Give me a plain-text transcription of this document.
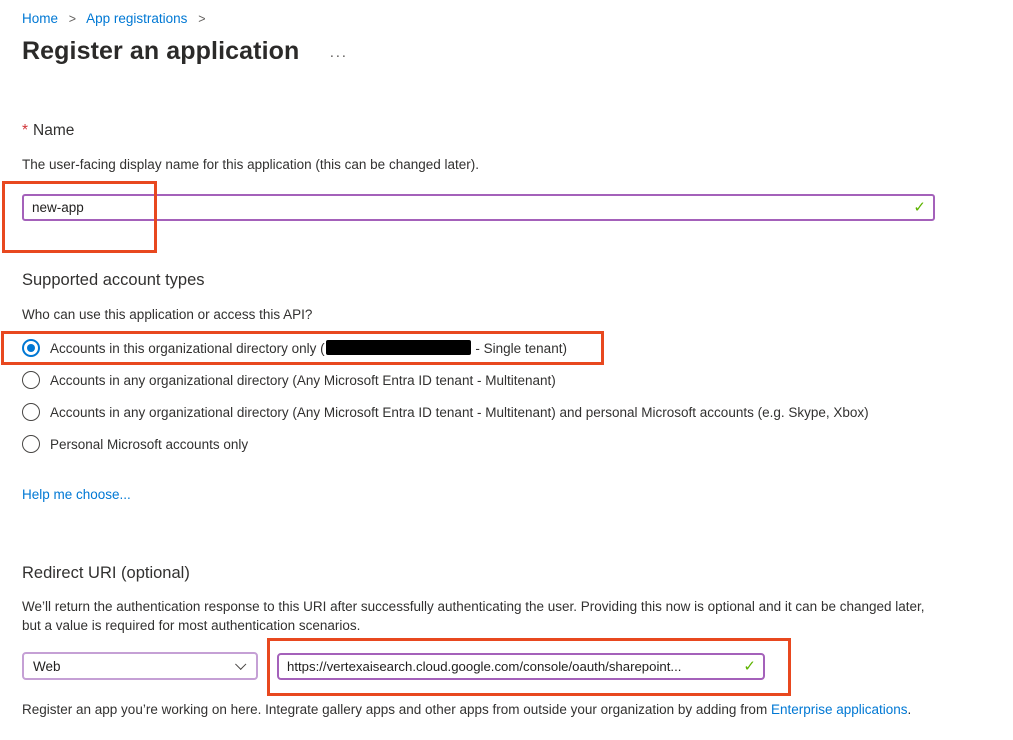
Home > App registrations >
Register an application ···
* Name
The user-facing display name for this application (this can be changed later).
new-app
✓
Supported account types
Who can use this application or access this API?
Accounts in this organizational directory only (	- Single tenant)
Accounts in any organizational directory (Any Microsoft Entra ID tenant - Multitenant)
Accounts in any organizational directory (Any Microsoft Entra ID tenant - Multitenant) and personal Microsoft accounts (e.g. Skype, Xbox)
Personal Microsoft accounts only
Help me choose...
Redirect URI (optional)
We’ll return the authentication response to this URI after successfully authenticating the user. Providing this now is optional and it can be changed later, but a value is required for most authentication scenarios.
Web
https://vertexaisearch.cloud.google.com/console/oauth/sharepoint...	✓
Register an app you’re working on here. Integrate gallery apps and other apps from outside your organization by adding from Enterprise applications.
